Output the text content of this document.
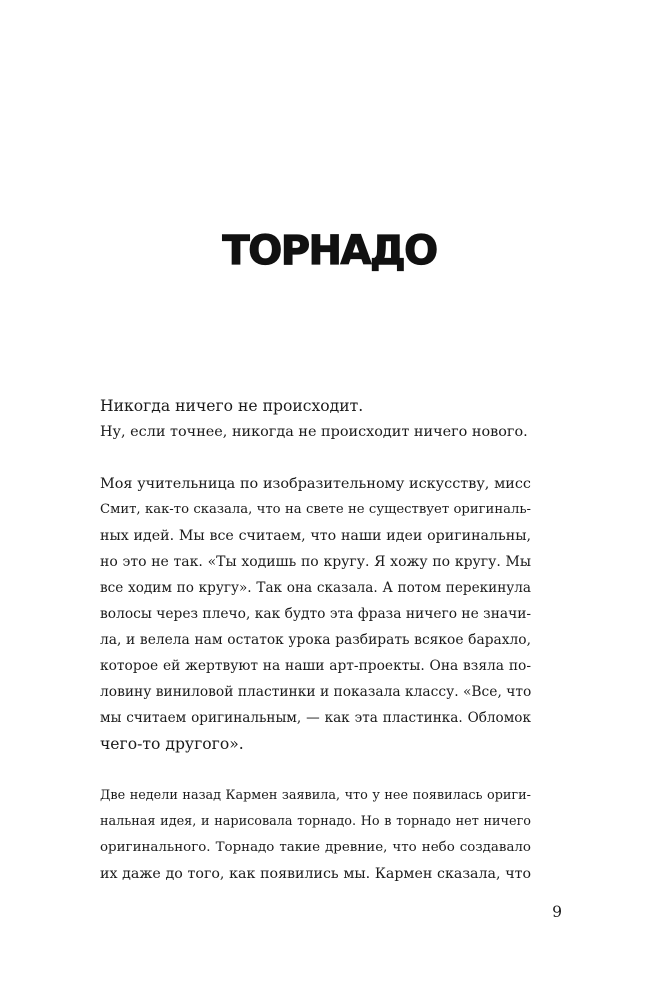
ТОРНАДО
Никогда ничего не происходит.
Ну, если точнее, никогда не происходит ничего нового.
Моя учительница по изобразительному искусству, мисс
Смит, как-то сказала, что на свете не существует оригиналь-
ных идей. Мы все считаем, что наши идеи оригинальны,
но это не так. «Ты ходишь по кругу. Я хожу по кругу. Мы
все ходим по кругу». Так она сказала. А потом перекинула
волосы через плечо, как будто эта фраза ничего не значи-
ла, и велела нам остаток урока разбирать всякое барахло,
которое ей жертвуют на наши арт-проекты. Она взяла по-
ловину виниловой пластинки и показала классу. «Все, что
мы считаем оригинальным, — как эта пластинка. Обломок
чего-то другого».
Две недели назад Кармен заявила, что у нее появилась ориги-
нальная идея, и нарисовала торнадо. Но в торнадо нет ничего
оригинального. Торнадо такие древние, что небо создавало
их даже до того, как появились мы. Кармен сказала, что
9
